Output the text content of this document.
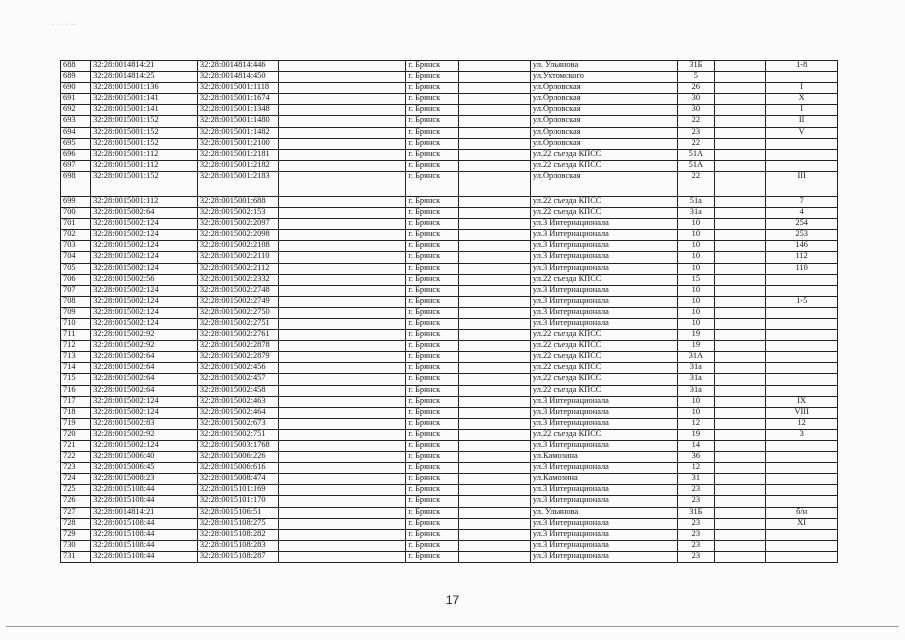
· · ·· -·
688	32:28:0014814:21	32:28:0014814:446		г. Брянск		ул. Ульянова	31Б		1-8
689	32:28:0014814:25	32:28:0014814:450		г. Брянск		ул.Ухтомского	5		
690	32:28:0015001:136	32:28:0015001:1118		г. Брянск		ул.Орловская	26		I
691	32:28:0015001:141	32:28:0015001:1674		г. Брянск		ул.Орловская	30		X
692	32:28:0015001:141	32:28:0015001:1348		г. Брянск		ул.Орловская	30		I
693	32:28:0015001:152	32:28:0015001:1480		г. Брянск		ул.Орловская	22		II
694	32:28:0015001:152	32:28:0015001:1482		г. Брянск		ул.Орловская	23		V
695	32:28:0015001:152	32:28:0015001:2100		г. Брянск		ул.Орловская	22		
696	32:28:0015001:112	32:28:0015001:2181		г. Брянск		ул.22 съезда КПСС	51А		
697	32:28:0015001:112	32:28:0015001:2182		г. Брянск		ул.22 съезда КПСС	51А		
698	32:28:0015001:152	32:28:0015001:2183		г. Брянск		ул.Орловская	22		III
699	32:28:0015001:112	32:28:0015001:688		г. Брянск		ул.22 съезда КПСС	51а		7
700	32:28:0015002:64	32:28:0015002:153		г. Брянск		ул.22 съезда КПСС	31а		4
701	32:28:0015002:124	32:28:0015002:2097		г. Брянск		ул.3 Интернационала	10		254
702	32:28:0015002:124	32:28:0015002:2098		г. Брянск		ул.3 Интернационала	10		253
703	32:28:0015002:124	32:28:0015002:2108		г. Брянск		ул.3 Интернационала	10		146
704	32:28:0015002:124	32:28:0015002:2110		г. Брянск		ул.3 Интернационала	10		112
705	32:28:0015002:124	32:28:0015002:2112		г. Брянск		ул.3 Интернационала	10		110
706	32:28:0015002:56	32:28:0015002:2332		г. Брянск		ул.22 съезда КПСС	15		
707	32:28:0015002:124	32:28:0015002:2748		г. Брянск		ул.3 Интернационала	10		
708	32:28:0015002:124	32:28:0015002:2749		г. Брянск		ул.3 Интернационала	10		1-5
709	32:28:0015002:124	32:28:0015002:2750		г. Брянск		ул.3 Интернационала	10		
710	32:28:0015002:124	32:28:0015002:2751		г. Брянск		ул.3 Интернационала	10		
711	32:28:0015002:92	32:28:0015002:2761		г. Брянск		ул.22 съезда КПСС	19		
712	32:28:0015002:92	32:28:0015002:2878		г. Брянск		ул.22 съезда КПСС	19		
713	32:28:0015002:64	32:28:0015002:2879		г. Брянск		ул.22 съезда КПСС	31А		
714	32:28:0015002:64	32:28:0015002:456		г. Брянск		ул.22 съезда КПСС	31а		
715	32:28:0015002:64	32:28:0015002:457		г. Брянск		ул.22 съезда КПСС	31а		
716	32:28:0015002:64	32:28:0015002:458		г. Брянск		ул.22 съезда КПСС	31а		
717	32:28:0015002:124	32:28:0015002:463		г. Брянск		ул.3 Интернационала	10		IX
718	32:28:0015002:124	32:28:0015002:464		г. Брянск		ул.3 Интернационала	10		VIII
719	32:28:0015002:83	32:28:0015002:673		г. Брянск		ул.3 Интернационала	12		12
720	32:28:0015002:92	32:28:0015002:751		г. Брянск		ул.22 съезда КПСС	19		3
721	32:28:0015002:124	32:28:0015003:1768		г. Брянск		ул.3 Интернационала	14		
722	32:28:0015006:40	32:28:0015006:226		г. Брянск		ул.Камозина	36		
723	32:28:0015006:45	32:28:0015006:616		г. Брянск		ул.3 Интернационала	12		
724	32:28:0015008:23	32:28:0015008:474		г. Брянск		ул.Камозина	31		
725	32:28:0015108:44	32:28:0015101:169		г. Брянск		ул.3 Интернационала	23		
726	32:28:0015108:44	32:28:0015101:170		г. Брянск		ул.3 Интернационала	23		
727	32:28:0014814:21	32:28:0015106:51		г. Брянск		ул. Ульянова	31Б		б/н
728	32:28:0015108:44	32:28:0015108:275		г. Брянск		ул.3 Интернационала	23		XI
729	32:28:0015108:44	32:28:0015108:282		г. Брянск		ул.3 Интернационала	23		
730	32:28:0015108:44	32:28:0015108:283		г. Брянск		ул.3 Интернационала	23		
731	32:28:0015108:44	32:28:0015108:287		г. Брянск		ул.3 Интернационала	23		
17
